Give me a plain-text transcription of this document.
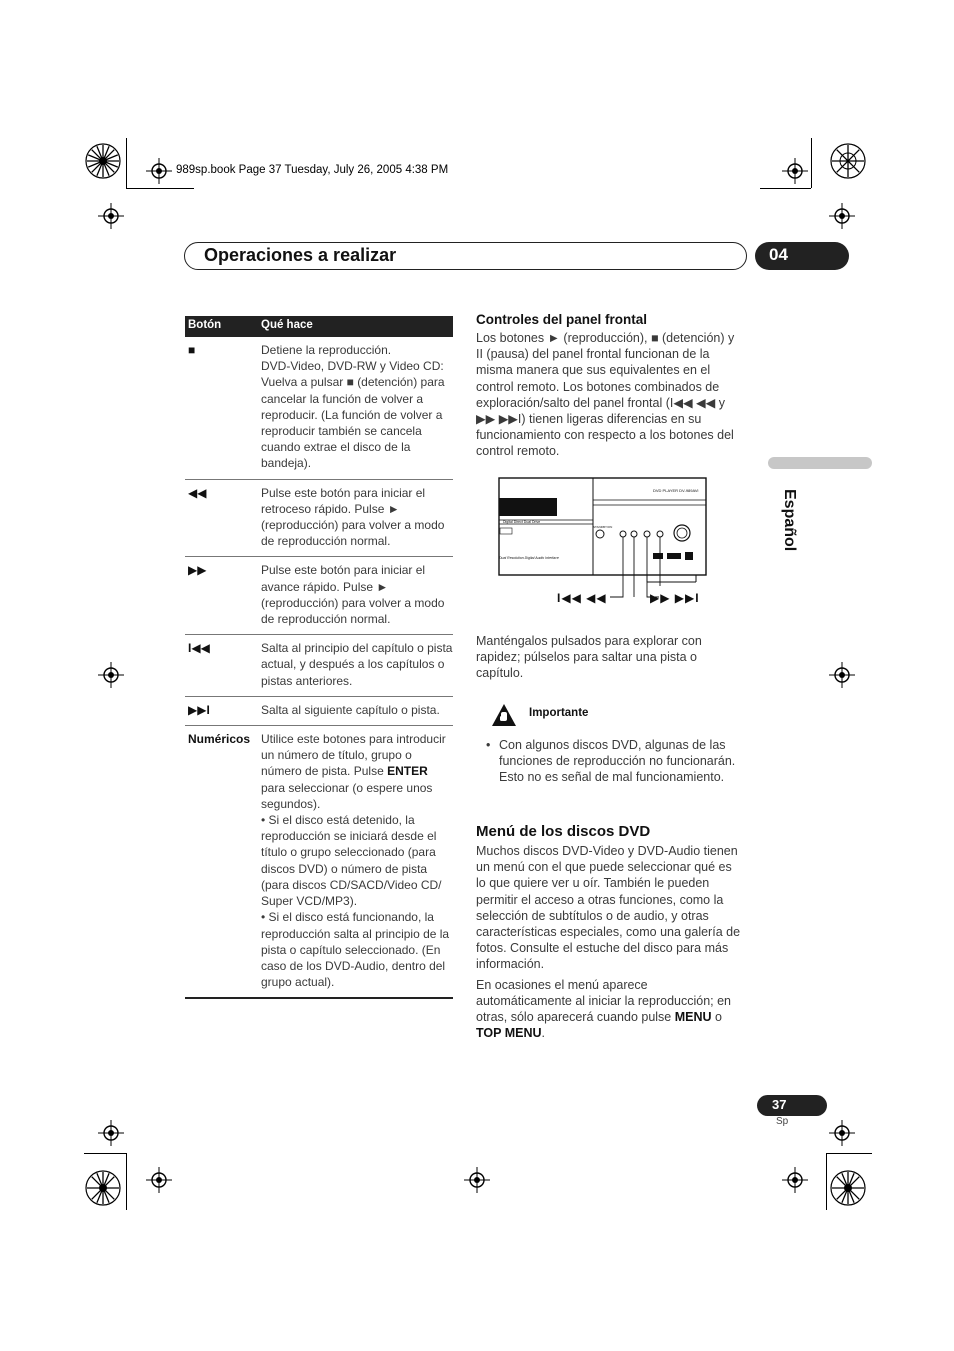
989sp.book Page 37 Tuesday, July 26, 2005 4:38 PM
Operaciones a realizar	04
Español
Botón	Qué hace
■	Detiene la reproducción.

DVD-Video, DVD-RW y Video CD: Vuelva a pulsar ■ (detención) para cancelar la función de volver a reproducir. (La función de volver a reproducir también se cancela cuando extrae el disco de la bandeja).

◀◀	Pulse este botón para iniciar el retroceso rápido. Pulse ► (reproducción) para volver a modo de reproducción normal.

▶▶	Pulse este botón para iniciar el avance rápido. Pulse ► (reproducción) para volver a modo de reproducción normal.

I◀◀	Salta al principio del capítulo o pista actual, y después a los capítulos o pistas anteriores.

▶▶I	Salta al siguiente capítulo o pista.

Numéricos Utilice este botones para introducir un número de título, grupo o número de pista. Pulse ENTER para seleccionar (o espere unos segundos).

• Si el disco está detenido, la reproducción se iniciará desde el título o grupo seleccionado (para discos DVD) o número de pista (para discos CD/SACD/Video CD/ Super VCD/MP3).

• Si el disco está funcionando, la reproducción salta al principio de la pista o capítulo seleccionado. (En caso de los DVD-Audio, dentro del grupo actual).

Controles del panel frontal
Los botones ► (reproducción), ■ (detención) y II (pausa) del panel frontal funcionan de la misma manera que sus equivalentes en el control remoto. Los botones combinados de exploración/salto del panel frontal (I◀◀ ◀◀ y ▶▶ ▶▶I) tienen ligeras diferencias en su funcionamiento con respecto a los botones del control remoto.
DVD PLAYER DV-989AVi
Digital Direct Dual Drive
Dual Resolution Digital Audio Interface
STANDBY/ON
I◀◀ ◀◀	▶▶ ▶▶I
Manténgalos pulsados para explorar con rapidez; púlselos para saltar una pista o capítulo.
Importante
• Con algunos discos DVD, algunas de las funciones de reproducción no funcionarán. Esto no es señal de mal funcionamiento.
Menú de los discos DVD

Muchos discos DVD-Video y DVD-Audio tienen un menú con el que puede seleccionar qué es lo que quiere ver u oír. También le pueden permitir el acceso a otras funciones, como la selección de subtítulos o de audio, y otras características especiales, como una galería de fotos. Consulte el estuche del disco para más información.

En ocasiones el menú aparece automáticamente al iniciar la reproducción; en otras, sólo aparecerá cuando pulse MENU o TOP MENU.

37
Sp
